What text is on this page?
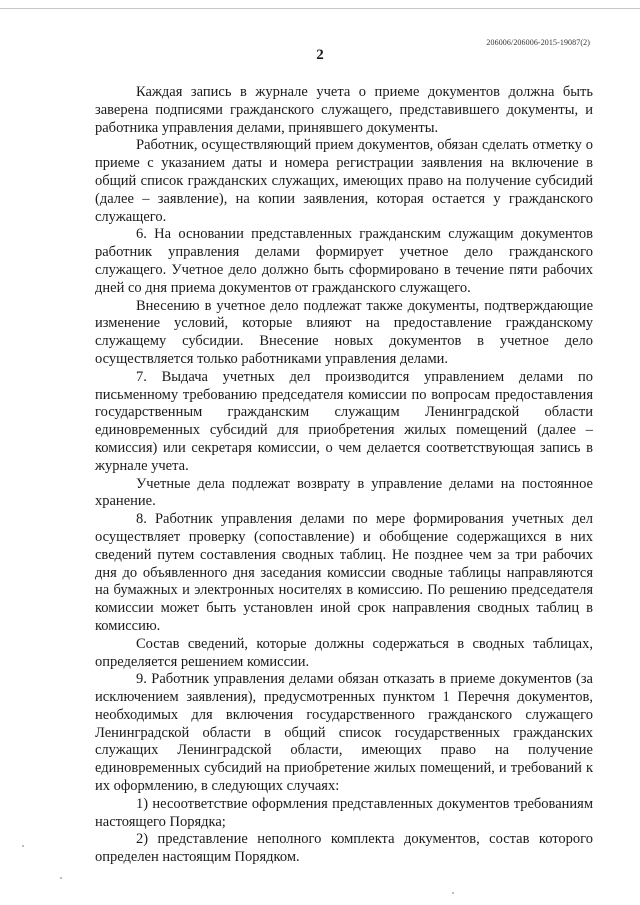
206006/206006-2015-19087(2)
2

Каждая запись в журнале учета о приеме документов должна быть заверена подписями гражданского служащего, представившего документы, и работника управления делами, принявшего документы.

Работник, осуществляющий прием документов, обязан сделать отметку о приеме с указанием даты и номера регистрации заявления на включение в общий список гражданских служащих, имеющих право на получение субсидий (далее – заявление), на копии заявления, которая остается у гражданского служащего.

6. На основании представленных гражданским служащим документов работник управления делами формирует учетное дело гражданского служащего. Учетное дело должно быть сформировано в течение пяти рабочих дней со дня приема документов от гражданского служащего.

Внесению в учетное дело подлежат также документы, подтверждающие изменение условий, которые влияют на предоставление гражданскому служащему субсидии. Внесение новых документов в учетное дело осуществляется только работниками управления делами.

7. Выдача учетных дел производится управлением делами по письменному требованию председателя комиссии по вопросам предоставления государственным гражданским служащим Ленинградской области единовременных субсидий для приобретения жилых помещений (далее – комиссия) или секретаря комиссии, о чем делается соответствующая запись в журнале учета.

Учетные дела подлежат возврату в управление делами на постоянное хранение.

8. Работник управления делами по мере формирования учетных дел осуществляет проверку (сопоставление) и обобщение содержащихся в них сведений путем составления сводных таблиц. Не позднее чем за три рабочих дня до объявленного дня заседания комиссии сводные таблицы направляются на бумажных и электронных носителях в комиссию. По решению председателя комиссии может быть установлен иной срок направления сводных таблиц в комиссию.

Состав сведений, которые должны содержаться в сводных таблицах, определяется решением комиссии.

9. Работник управления делами обязан отказать в приеме документов (за исключением заявления), предусмотренных пунктом 1 Перечня документов, необходимых для включения государственного гражданского служащего Ленинградской области в общий список государственных гражданских служащих Ленинградской области, имеющих право на получение единовременных субсидий на приобретение жилых помещений, и требований к их оформлению, в следующих случаях:

1) несоответствие оформления представленных документов требованиям настоящего Порядка;

2) представление неполного комплекта документов, состав которого определен настоящим Порядком.
